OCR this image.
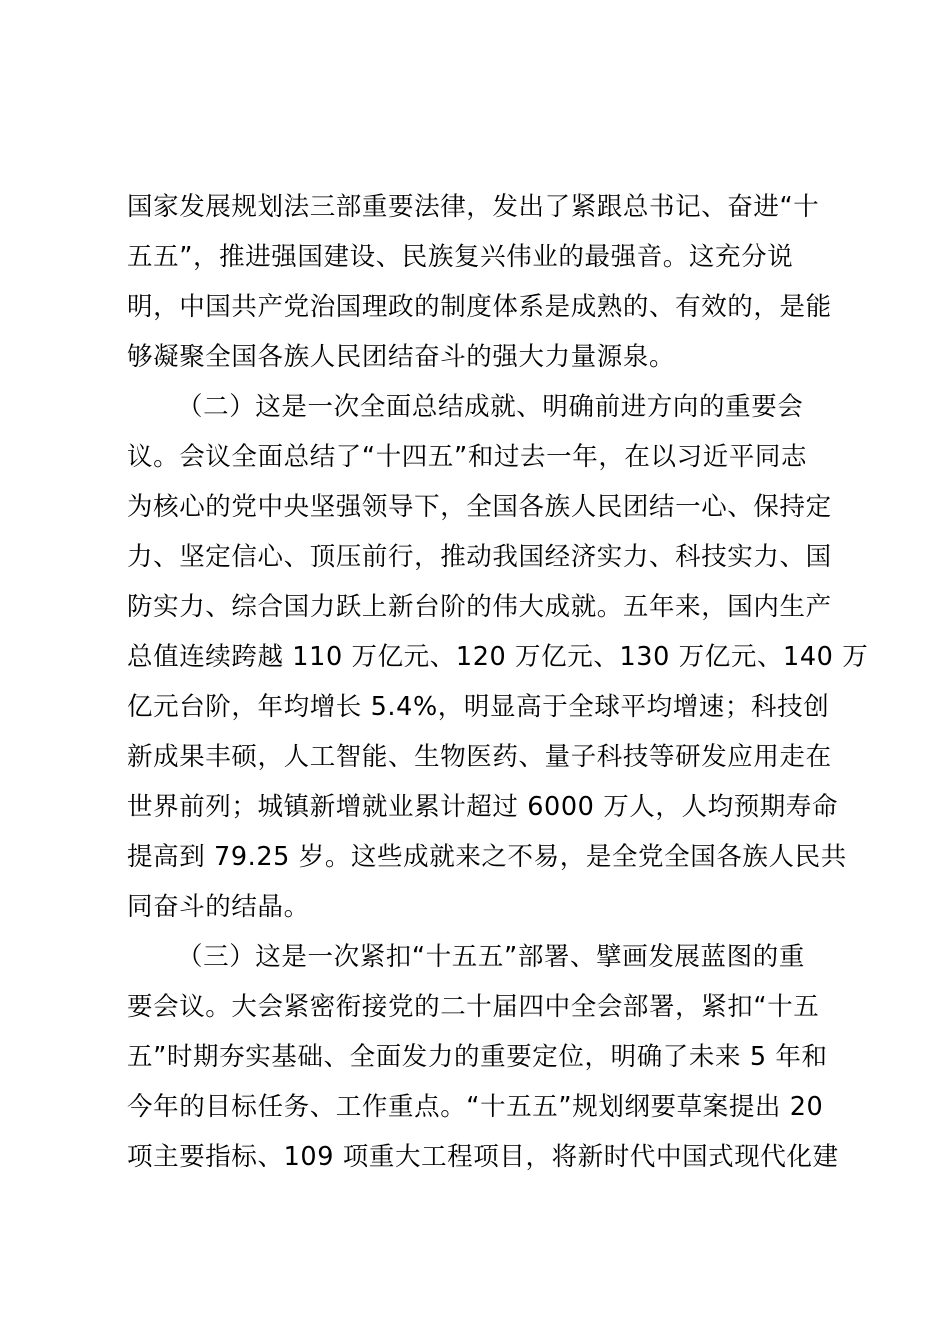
国家发展规划法三部重要法律，发出了紧跟总书记、奋进“十
五五”，推进强国建设、民族复兴伟业的最强音。这充分说
明，中国共产党治国理政的制度体系是成熟的、有效的，是能
够凝聚全国各族人民团结奋斗的强大力量源泉。
（二）这是一次全面总结成就、明确前进方向的重要会
议。会议全面总结了“十四五”和过去一年，在以习近平同志
为核心的党中央坚强领导下，全国各族人民团结一心、保持定
力、坚定信心、顶压前行，推动我国经济实力、科技实力、国
防实力、综合国力跃上新台阶的伟大成就。五年来，国内生产
总值连续跨越 110 万亿元、120 万亿元、130 万亿元、140 万
亿元台阶，年均增长 5.4%，明显高于全球平均增速；科技创
新成果丰硕，人工智能、生物医药、量子科技等研发应用走在
世界前列；城镇新增就业累计超过 6000 万人，人均预期寿命
提高到 79.25 岁。这些成就来之不易，是全党全国各族人民共
同奋斗的结晶。
（三）这是一次紧扣“十五五”部署、擘画发展蓝图的重
要会议。大会紧密衔接党的二十届四中全会部署，紧扣“十五
五”时期夯实基础、全面发力的重要定位，明确了未来 5 年和
今年的目标任务、工作重点。“十五五”规划纲要草案提出 20
项主要指标、109 项重大工程项目，将新时代中国式现代化建
